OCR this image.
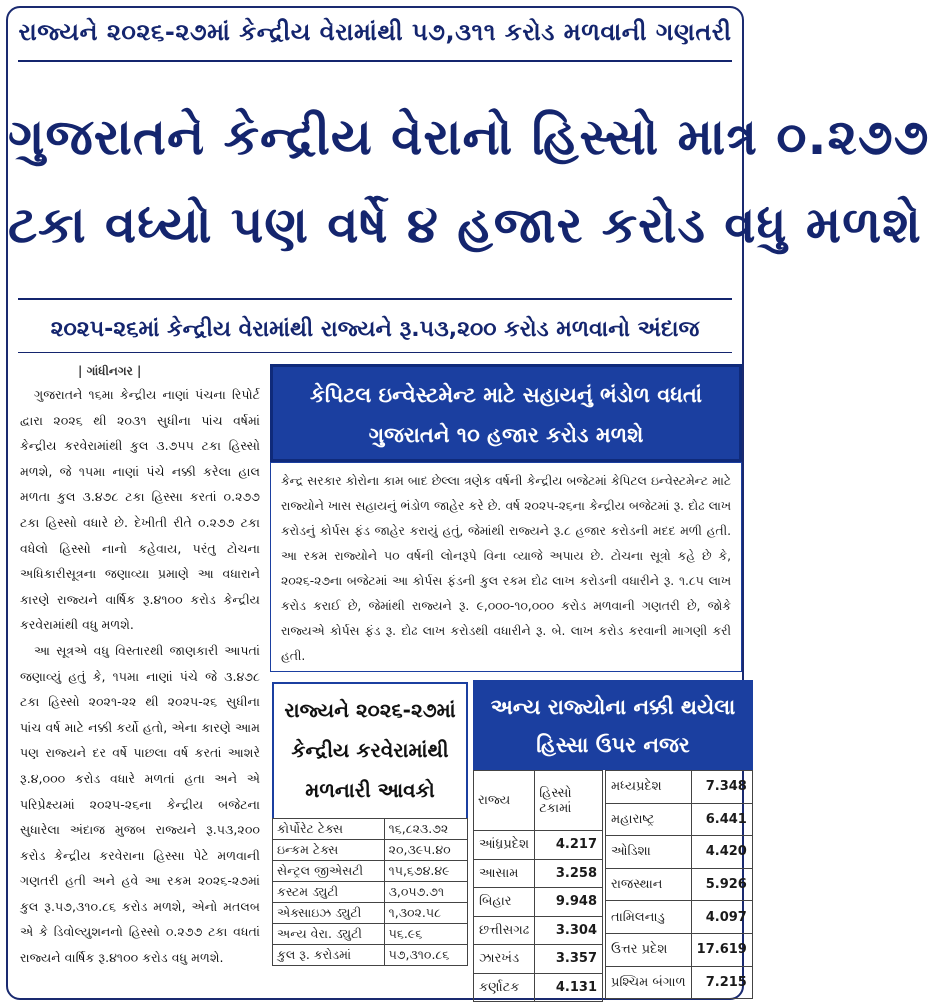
રાજ્યને ૨૦૨૬-૨૭માં કેન્દ્રીય વેરામાંથી ૫૭,૩૧૧ કરોડ મળવાની ગણતરી
ગુજરાતને કેન્દ્રીય વેરાનો હિસ્સો માત્ર ૦.૨૭૭
ટકા વધ્યો પણ વર્ષે ૪ હજાર કરોડ વધુ મળશે
૨૦૨૫-૨૬માં કેન્દ્રીય વેરામાંથી રાજ્યને રૂ.૫૩,૨૦૦ કરોડ મળવાનો અંદાજ
| ગાંધીનગર |

ગુજરાતને ૧૬મા કેન્દ્રીય નાણાં પંચના રિપોર્ટ દ્વારા ૨૦૨૬ થી ૨૦૩૧ સુધીના પાંચ વર્ષમાં કેન્દ્રીય કરવેરામાંથી કુલ ૩.૭૫૫ ટકા હિસ્સો મળશે, જે ૧૫મા નાણાં પંચે નક્કી કરેલા હાલ મળતા કુલ ૩.૪૭૮ ટકા હિસ્સા કરતાં ૦.૨૭૭ ટકા હિસ્સો વધારે છે. દેખીતી રીતે ૦.૨૭૭ ટકા વધેલો હિસ્સો નાનો કહેવાય, પરંતુ ટોચના અધિકારીસૂત્રના જણાવ્યા પ્રમાણે આ વધારાને કારણે રાજ્યને વાર્ષિક રૂ.૪૧૦૦ કરોડ કેન્દ્રીય કરવેરામાંથી વધુ મળશે.

આ સૂત્રએ વધુ વિસ્તારથી જાણકારી આપતાં જણાવ્યું હતું કે, ૧૫મા નાણાં પંચે જે ૩.૪૭૮ ટકા હિસ્સો ૨૦૨૧-૨૨ થી ૨૦૨૫-૨૬ સુધીના પાંચ વર્ષ માટે નક્કી કર્યો હતો, એના કારણે આમ પણ રાજ્યને દર વર્ષે પાછલા વર્ષ કરતાં આશરે રૂ.૪,૦૦૦ કરોડ વધારે મળતાં હતા અને એ પરિપ્રેક્ષ્યમાં ૨૦૨૫-૨૬ના કેન્દ્રીય બજેટના સુધારેલા અંદાજ મુજબ રાજ્યને રૂ.૫૩,૨૦૦ કરોડ કેન્દ્રીય કરવેરાના હિસ્સા પેટે મળવાની ગણતરી હતી અને હવે આ રકમ ૨૦૨૬-૨૭માં કુલ રૂ.૫૭,૩૧૦.૮૬ કરોડ મળશે, એનો મતલબ એ કે ડિવોલ્યુશનનો હિસ્સો ૦.૨૭૭ ટકા વધતાં રાજ્યને વાર્ષિક રૂ.૪૧૦૦ કરોડ વધુ મળશે.

કેપિટલ ઇન્વેસ્ટમેન્ટ માટે સહાયનું ભંડોળ વધતાં
ગુજરાતને ૧૦ હજાર કરોડ મળશે
કેન્દ્ર સરકાર કોરોના કામ બાદ છેલ્લા ત્રણેક વર્ષની કેન્દ્રીય બજેટમાં કેપિટલ ઇન્વેસ્ટમેન્ટ માટે રાજ્યોને ખાસ સહાયનું ભંડોળ જાહેર કરે છે. વર્ષ ૨૦૨૫-૨૬ના કેન્દ્રીય બજેટમાં રૂ. દોઢ લાખ કરોડનું કોર્પસ ફંડ જાહેર કરાયું હતું, જેમાંથી રાજ્યને રૂ.૮ હજાર કરોડની મદદ મળી હતી. આ રકમ રાજ્યોને ૫૦ વર્ષની લોનરૂપે વિના વ્યાજે અપાય છે. ટોચના સૂત્રો કહે છે કે, ૨૦૨૬-૨૭ના બજેટમાં આ કોર્પસ ફંડની કુલ રકમ દોઢ લાખ કરોડની વધારીને રૂ. ૧.૮૫ લાખ કરોડ કરાઈ છે, જેમાંથી રાજ્યને રૂ. ૯,૦૦૦-૧૦,૦૦૦ કરોડ મળવાની ગણતરી છે, જોકે રાજ્યએ કોર્પસ ફંડ રૂ. દોઢ લાખ કરોડથી વધારીને રૂ. બે. લાખ કરોડ કરવાની માગણી કરી હતી.
રાજ્યને ૨૦૨૬-૨૭માં
કેન્દ્રીય કરવેરામાંથી
મળનારી આવકો
કોર્પોરેટ ટેક્સ	૧૬,૮૨૩.૭૨
ઇન્કમ ટેક્સ	૨૦,૩૯૫.૪૦
સેન્ટ્રલ જીએસટી	૧૫,૬૭૪.૪૯
કસ્ટમ ડ્યુટી	૩,૦૫૭.૭૧
એક્સાઇઝ ડ્યુટી	૧,૩૦૨.૫૮
અન્ય વેરા. ડ્યુટી	૫૬.૯૬
કુલ રૂ. કરોડમાં	૫૭,૩૧૦.૮૬
અન્ય રાજ્યોના નક્કી થયેલા
હિસ્સા ઉપર નજર
રાજ્ય	હિસ્સો ટકામાં
આંધ્રપ્રદેશ	4.217
આસામ	3.258
બિહાર	9.948
છત્તીસગઢ	3.304
ઝારખંડ	3.357
કર્ણાટક	4.131
મધ્યપ્રદેશ	7.348
મહારાષ્ટ્ર	6.441
ઓડિશા	4.420
રાજસ્થાન	5.926
તામિલનાડુ	4.097
ઉત્તર પ્રદેશ	17.619
પ્રશ્ચિમ બંગાળ	7.215
